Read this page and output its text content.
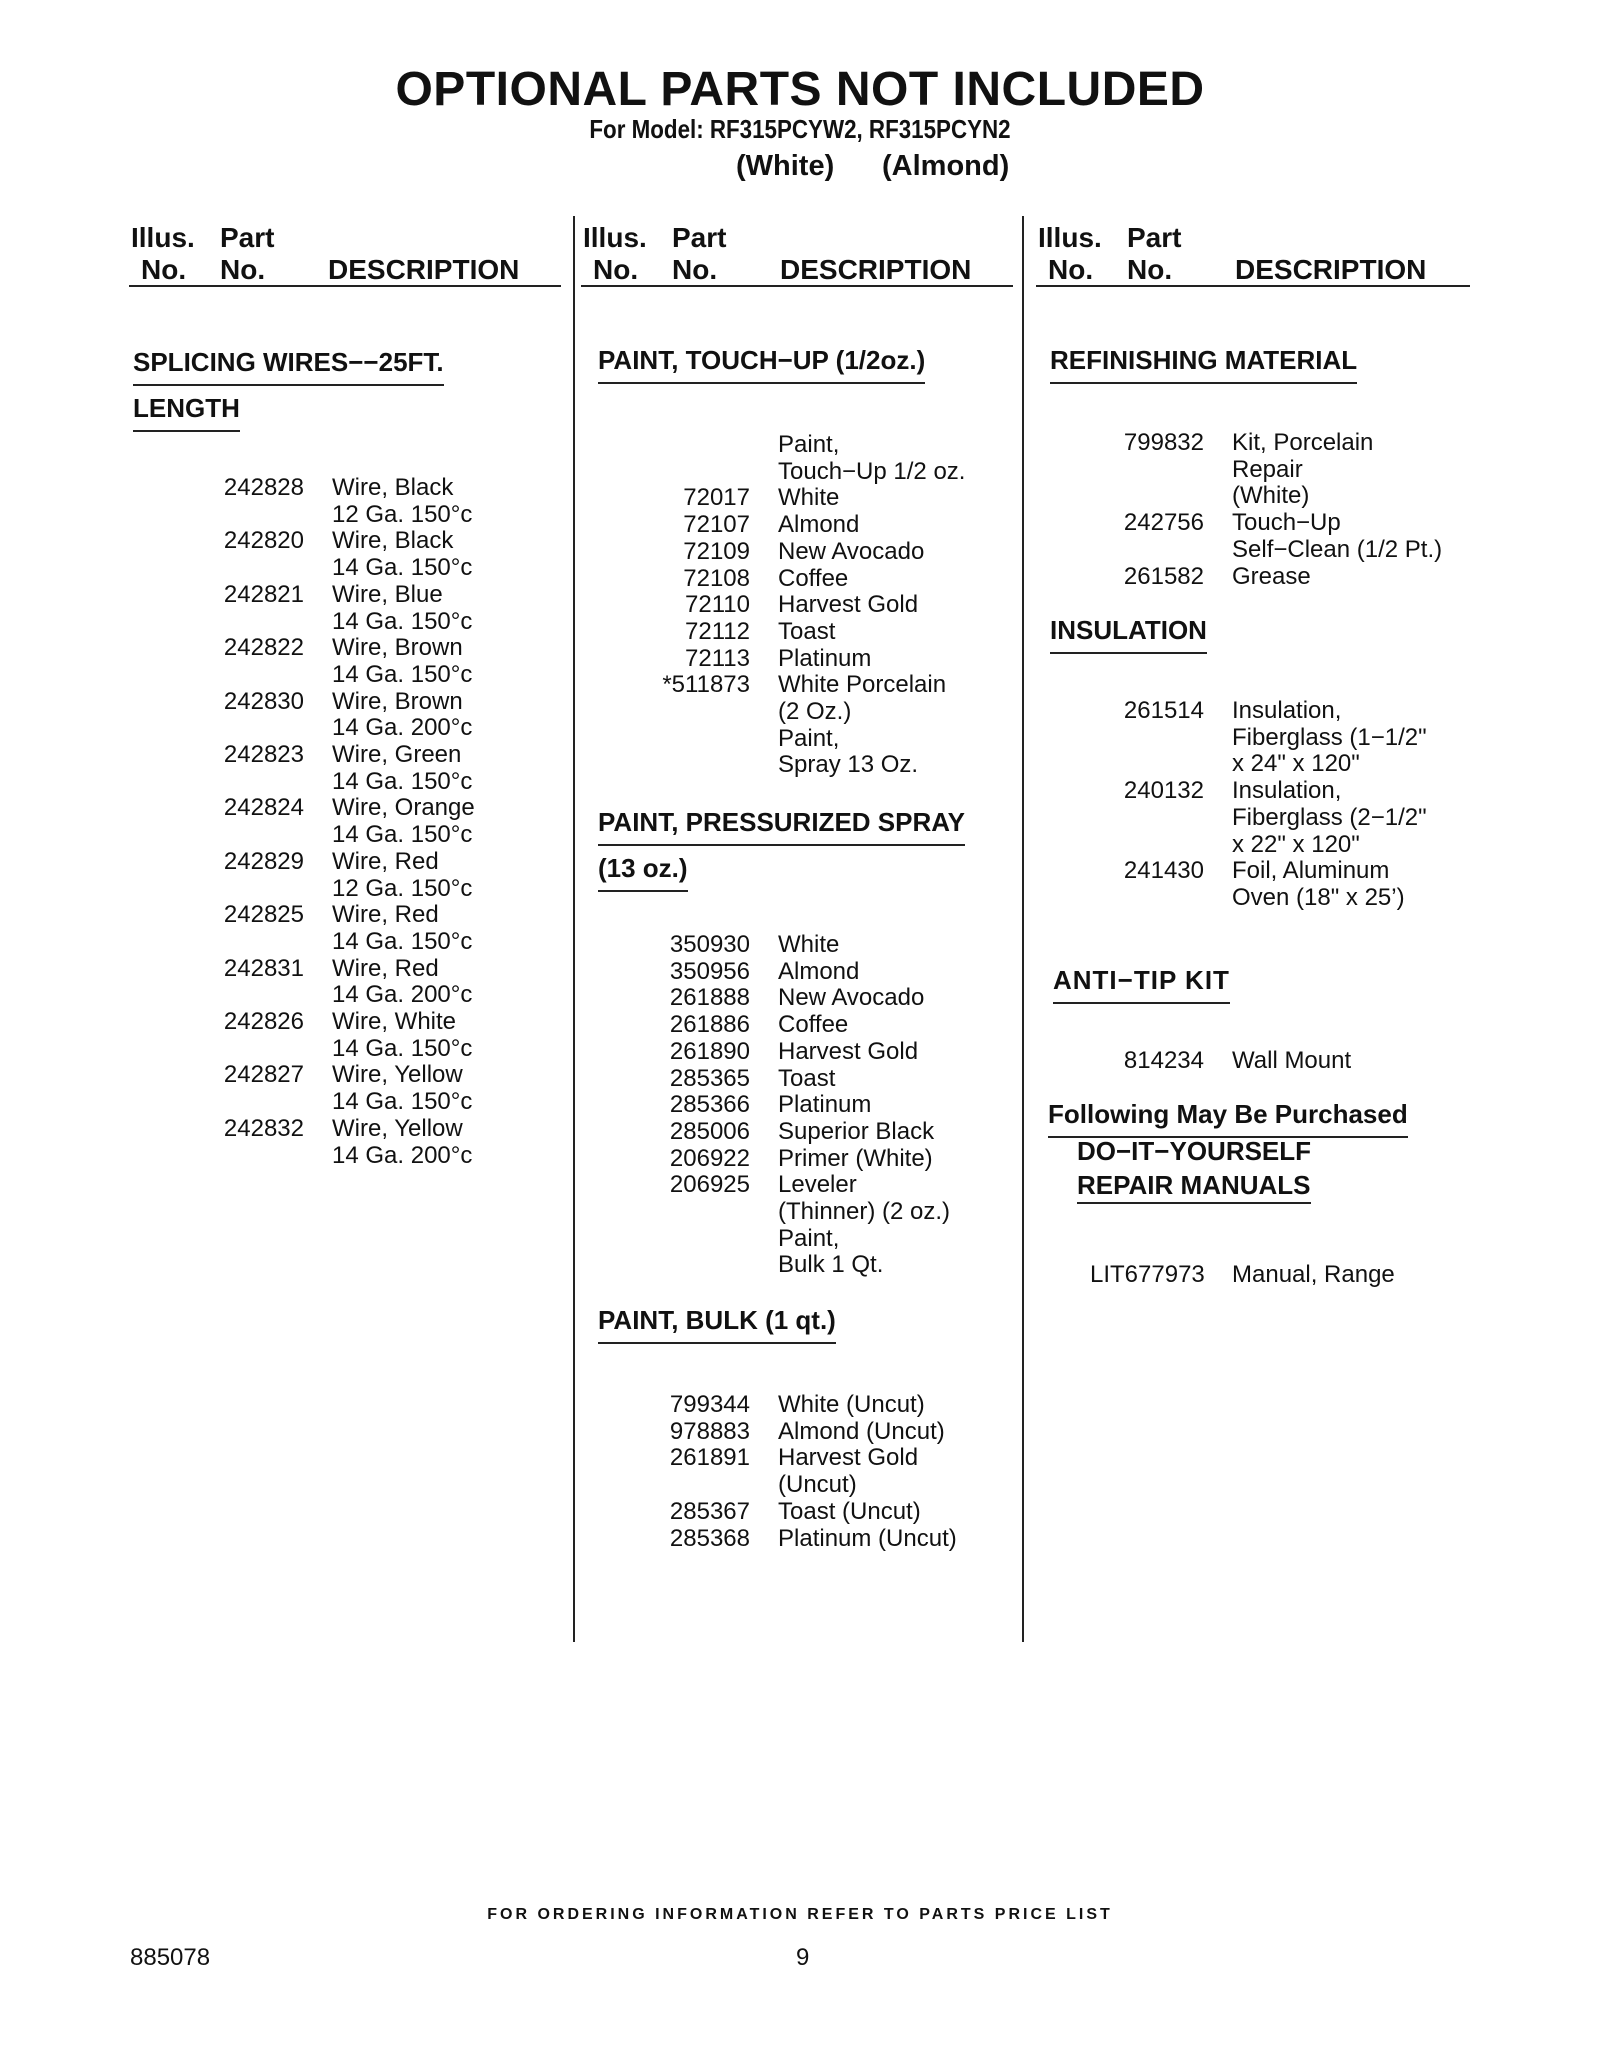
OPTIONAL PARTS NOT INCLUDED
For Model: RF315PCYW2, RF315PCYN2
(White) (Almond)
Illus.
No.
Part
No.	DESCRIPTION
Illus.
No.
Part
No.	DESCRIPTION
Illus.
No.
Part
No.	DESCRIPTION
SPLICING WIRES−−25FT.
LENGTH
242828 Wire, Black
12 Ga. 150°c
242820 Wire, Black
14 Ga. 150°c
242821 Wire, Blue
14 Ga. 150°c
242822 Wire, Brown
14 Ga. 150°c
242830 Wire, Brown
14 Ga. 200°c
242823 Wire, Green
14 Ga. 150°c
242824 Wire, Orange
14 Ga. 150°c
242829 Wire, Red
12 Ga. 150°c
242825 Wire, Red
14 Ga. 150°c
242831 Wire, Red
14 Ga. 200°c
242826 Wire, White
14 Ga. 150°c
242827 Wire, Yellow
14 Ga. 150°c
242832 Wire, Yellow
14 Ga. 200°c
PAINT, TOUCH−UP (1/2oz.)
Paint,
Touch−Up 1/2 oz.
72017 White
72107 Almond
72109 New Avocado
72108 Coffee
72110 Harvest Gold
72112 Toast
72113 Platinum
*511873 White Porcelain
(2 Oz.)
Paint,
Spray 13 Oz.
PAINT, PRESSURIZED SPRAY
(13 oz.)
350930 White
350956 Almond
261888 New Avocado
261886 Coffee
261890 Harvest Gold
285365 Toast
285366 Platinum
285006 Superior Black
206922 Primer (White)
206925 Leveler
(Thinner) (2 oz.)
Paint,
Bulk 1 Qt.
PAINT, BULK (1 qt.)
799344 White (Uncut)
978883 Almond (Uncut)
261891 Harvest Gold
(Uncut)
285367 Toast (Uncut)
285368 Platinum (Uncut)
REFINISHING MATERIAL
799832 Kit, Porcelain
Repair
(White)
242756 Touch−Up
Self−Clean (1/2 Pt.)
261582 Grease
INSULATION
261514 Insulation,
Fiberglass (1−1/2"
x 24" x 120"
240132 Insulation,
Fiberglass (2−1/2"
x 22" x 120"
241430 Foil, Aluminum
Oven (18" x 25’)
ANTI−TIP KIT
814234 Wall Mount
Following May Be Purchased
DO−IT−YOURSELF
REPAIR MANUALS
LIT677973 Manual, Range
FOR ORDERING INFORMATION REFER TO PARTS PRICE LIST
885078	9
